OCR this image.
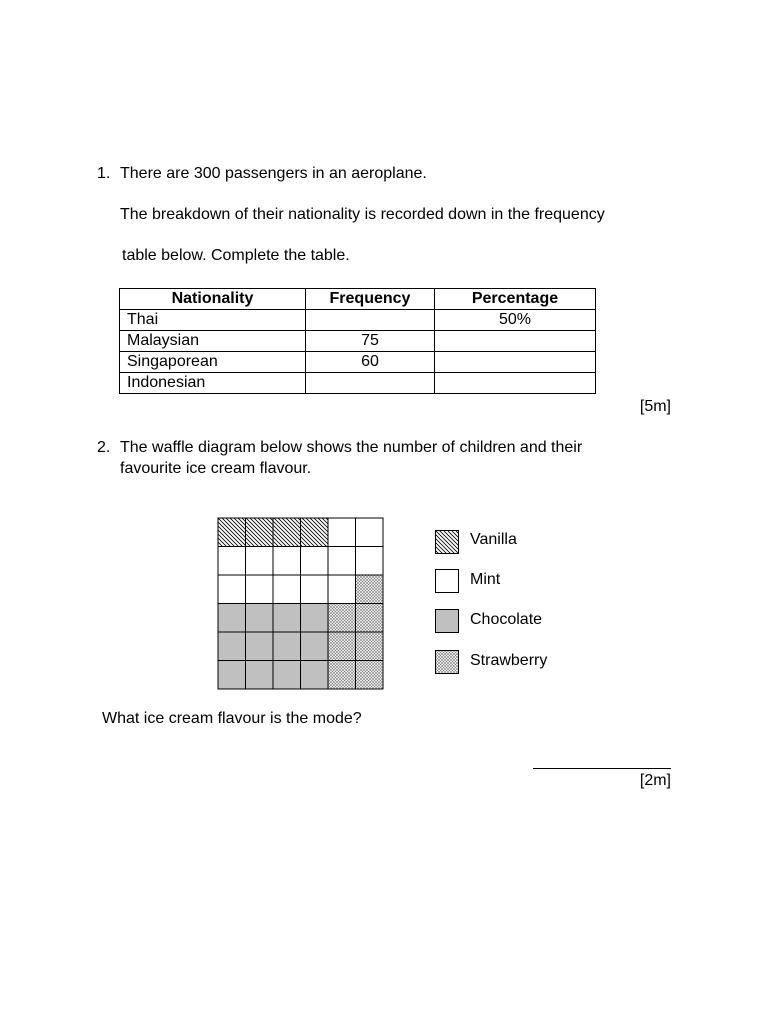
1. There are 300 passengers in an aeroplane.
The breakdown of their nationality is recorded down in the frequency
table below. Complete the table.
Nationality	Frequency	Percentage
Thai		50%
Malaysian	75	
Singaporean	60	
Indonesian		
[5m]
2. The waffle diagram below shows the number of children and their
favourite ice cream flavour.
Vanilla
Mint
Chocolate
Strawberry
What ice cream flavour is the mode?
[2m]
